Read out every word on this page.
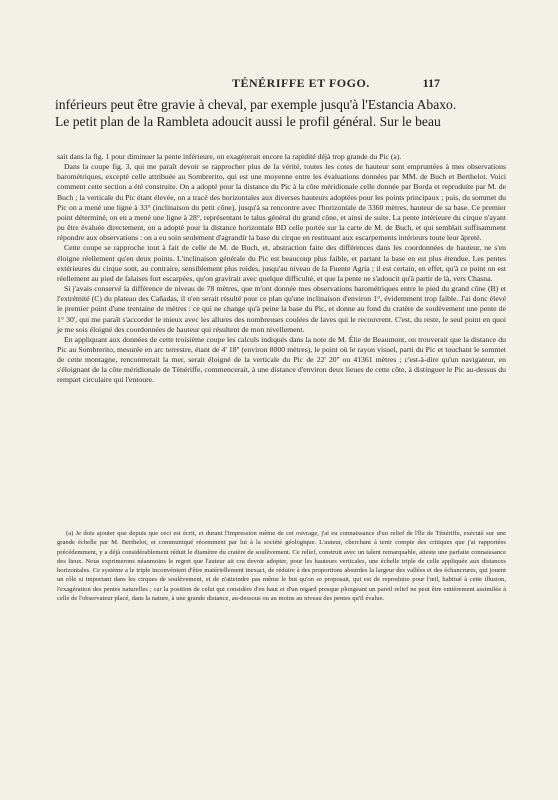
TÉNÉRIFFE ET FOGO.	117
inférieurs peut être gravie à cheval, par exemple jusqu'à l'Estancia Abaxo.
Le petit plan de la Rambleta adoucit aussi le profil général. Sur le beau

sait dans la fig. 1 pour diminuer la pente inférieure, on exagérerait encore la rapidité déjà trop grande du Pic (a).

Dans la coupe fig. 3, qui me paraît devoir se rapprocher plus de la vérité, toutes les cotes de hauteur sont empruntées à mes observations barométriques, excepté celle attribuée au Sombrerito, qui est une moyenne entre les évaluations données par MM. de Buch et Berthelot. Voici comment cette section a été construite. On a adopté pour la distance du Pic à la côte méridionale celle donnée par Borda et reproduite par M. de Buch ; la verticale du Pic étant élevée, on a tracé des horizontales aux diverses hauteurs adoptées pour les points principaux ; puis, du sommet du Pic on a mené une ligne à 33° (inclinaison du petit cône), jusqu'à sa rencontre avec l'horizontale de 3360 mètres, hauteur de sa base. Ce premier point déterminé, on en a mené une ligne à 28°, représentant le talus général du grand cône, et ainsi de suite. La pente intérieure du cirque n'ayant pu être évaluée directement, on a adopté pour la distance horizontale BD celle portée sur la carte de M. de Buch, et qui semblait suffisamment répondre aux observations : on a eu soin seulement d'agrandir la base du cirque en restituant aux escarpements intérieurs toute leur âpreté.

Cette coupe se rapproche tout à fait de celle de M. de Buch, et, abstraction faite des différences dans les coordonnées de hauteur, ne s'en éloigne réellement qu'en deux points. L'inclinaison générale du Pic est beaucoup plus faible, et partant la base en est plus étendue. Les pentes extérieures du cirque sont, au contraire, sensiblement plus roides, jusqu'au niveau de la Fuente Agria ; il est certain, en effet, qu'à ce point on est réellement au pied de falaises fort escarpées, qu'on gravirait avec quelque difficulté, et que la pente ne s'adoucit qu'à partir de là, vers Chasna.

Si j'avais conservé la différence de niveau de 78 mètres, que m'ont donnée mes observations barométriques entre le pied du grand cône (B) et l'extrémité (C) du plateau des Cañadas, il n'en serait résulté pour ce plan qu'une inclinaison d'environ 1°, évidemment trop faible. J'ai donc élevé le premier point d'une trentaine de mètres : ce qui ne change qu'à peine la base du Pic, et donne au fond du cratère de soulèvement une pente de 1° 30', qui me paraît s'accorder le mieux avec les allures des nombreuses coulées de laves qui le recouvrent. C'est, du reste, le seul point en quoi je me sois éloigné des coordonnées de hauteur qui résultent de mon nivellement.

En appliquant aux données de cette troisième coupe les calculs indiqués dans la note de M. Élie de Beaumont, on trouverait que la distance du Pic au Sombrerito, mesurée en arc terrestre, étant de 4' 18'' (environ 8000 mètres), le point où le rayon visuel, parti du Pic et touchant le sommet de cette montagne, rencontrerait la mer, serait éloigné de la verticale du Pic de 22' 20'' ou 41361 mètres ; c'est-à-dire qu'un navigateur, en s'éloignant de la côte méridionale de Ténériffe, commencerait, à une distance d'environ deux lieues de cette côte, à distinguer le Pic au-dessus du rempart circulaire qui l'entoure.

(a) Je dois ajouter que depuis que ceci est écrit, et durant l'impression même de cet ouvrage, j'ai eu connaissance d'un relief de l'île de Ténériffe, exécuté sur une grande échelle par M. Berthelot, et communiqué récemment par lui à la société géologique. L'auteur, cherchant à tenir compte des critiques que j'ai rapportées précédemment, y a déjà considérablement réduit le diamètre du cratère de soulèvement. Ce relief, construit avec un talent remarquable, atteste une parfaite connaissance des lieux. Nous exprimerons néanmoins le regret que l'auteur ait cru devoir adopter, pour les hauteurs verticales, une échelle triple de celle appliquée aux distances horizontales. Ce système a le triple inconvénient d'être matériellement inexact, de réduire à des proportions absurdes la largeur des vallées et des échancrures, qui jouent un rôle si important dans les cirques de soulèvement, et de n'atteindre pas même le but qu'on se proposait, qui est de reproduire pour l'œil, habitué à cette illusion, l'exagération des pentes naturelles ; car la position de celui qui considère d'en haut et d'un regard presque plongeant un pareil relief ne peut être entièrement assimilée à celle de l'observateur placé, dans la nature, à une grande distance, au-dessous ou au moins au niveau des pentes qu'il évalue.
